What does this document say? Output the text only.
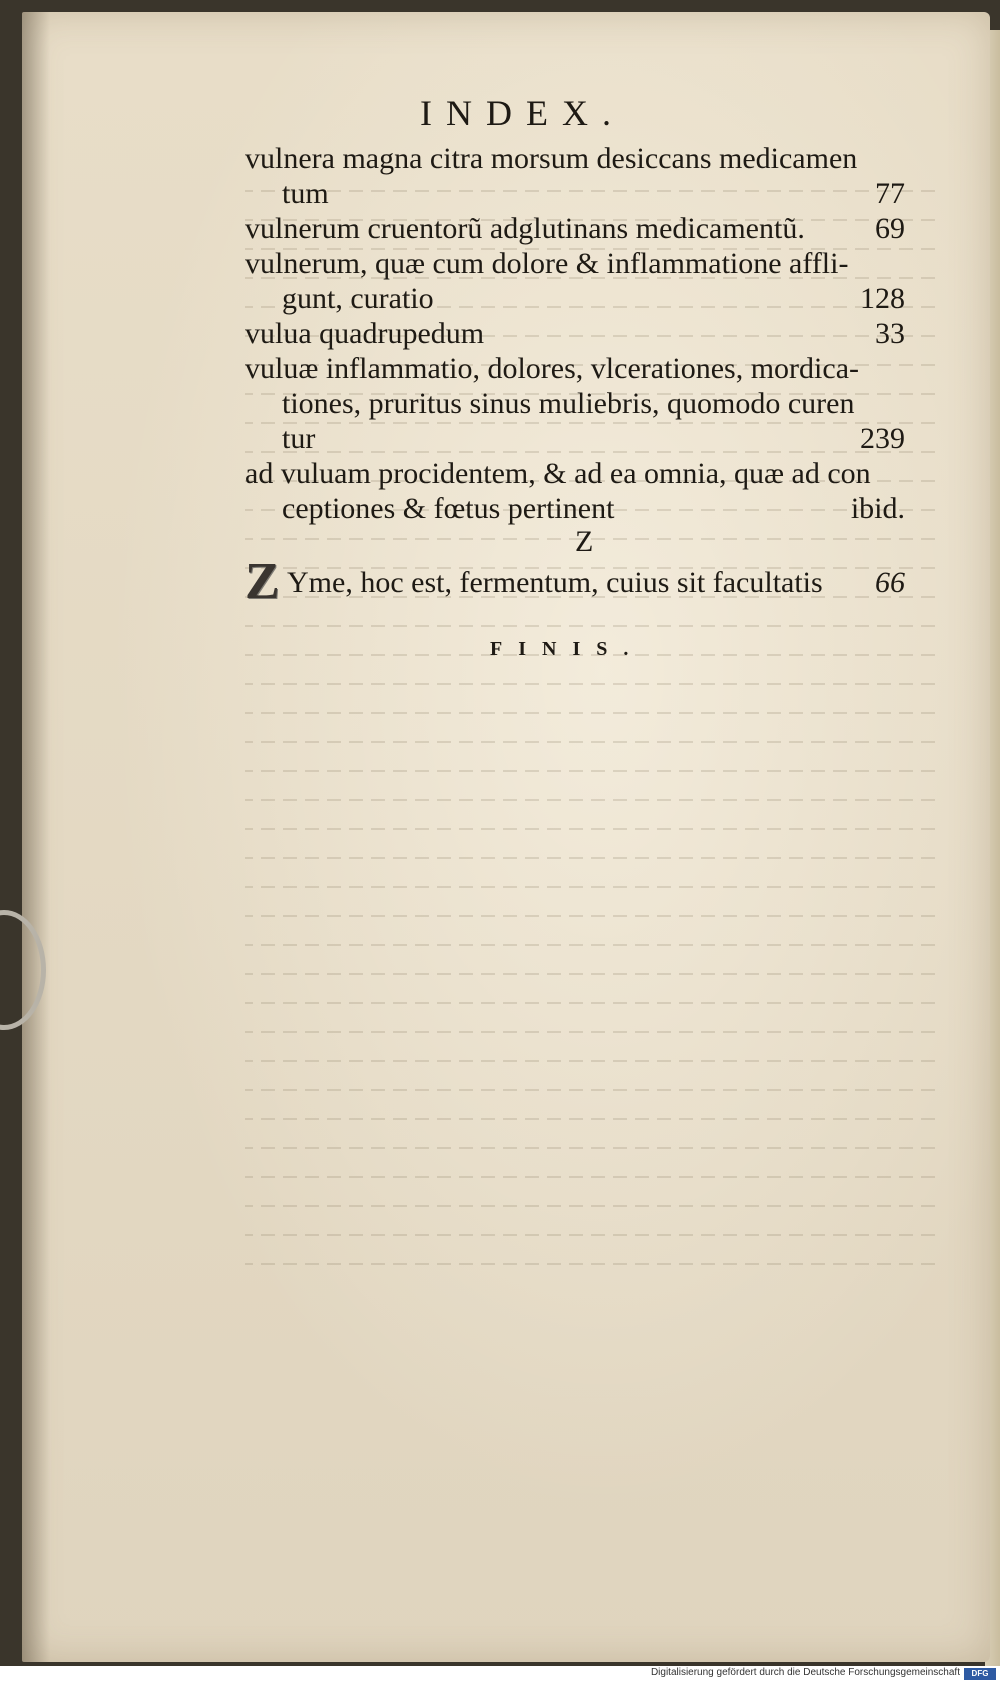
INDEX.
vulnera magna citra morsum desiccans medicamen
tum	77
vulnerum cruentorũ adglutinans medicamentũ. 69
vulnerum, quæ cum dolore & inflammatione affli-
gunt, curatio	128
vulua quadrupedum	33
vuluæ inflammatio, dolores, vlcerationes, mordica-
tiones, pruritus sinus muliebris, quomodo curen
tur	239
ad vuluam procidentem, & ad ea omnia, quæ ad con
ceptiones & fœtus pertinent	ibid.
Z
Z Yme, hoc est, fermentum, cuius sit facultatis 66
FINIS.
Digitalisierung gefördert durch die Deutsche Forschungsgemeinschaft	DFG
